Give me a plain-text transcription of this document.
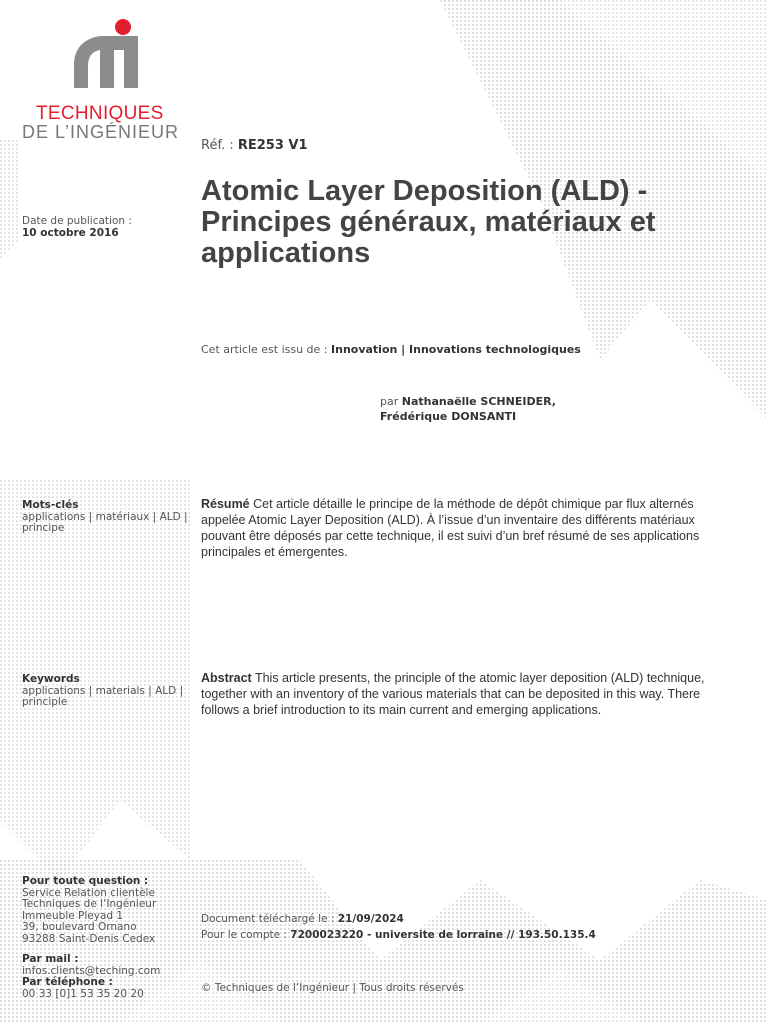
TECHNIQUES
DE L’INGÉNIEUR
Réf. : RE253 V1
Atomic Layer Deposition (ALD) - Principes généraux, matériaux et applications
Date de publication :
10 octobre 2016
Cet article est issu de : Innovation | Innovations technologiques
par Nathanaëlle SCHNEIDER,
Frédérique DONSANTI
Mots-clés
applications | matériaux | ALD | principe

Résumé Cet article détaille le principe de la méthode de dépôt chimique par flux alternés appelée Atomic Layer Deposition (ALD). À l’issue d’un inventaire des différents matériaux pouvant être déposés par cette technique, il est suivi d’un bref résumé de ses applications principales et émergentes.

Keywords
applications | materials | ALD | principle

Abstract This article presents, the principle of the atomic layer deposition (ALD) technique, together with an inventory of the various materials that can be deposited in this way. There follows a brief introduction to its main current and emerging applications.

Pour toute question :
Service Relation clientèle
Techniques de l’Ingénieur
Immeuble Pleyad 1
39, boulevard Ornano
93288 Saint-Denis Cedex
Par mail :
infos.clients@teching.com
Par téléphone :
00 33 [0]1 53 35 20 20
Document téléchargé le : 21/09/2024
Pour le compte : 7200023220 - universite de lorraine // 193.50.135.4
© Techniques de l’Ingénieur | Tous droits réservés
